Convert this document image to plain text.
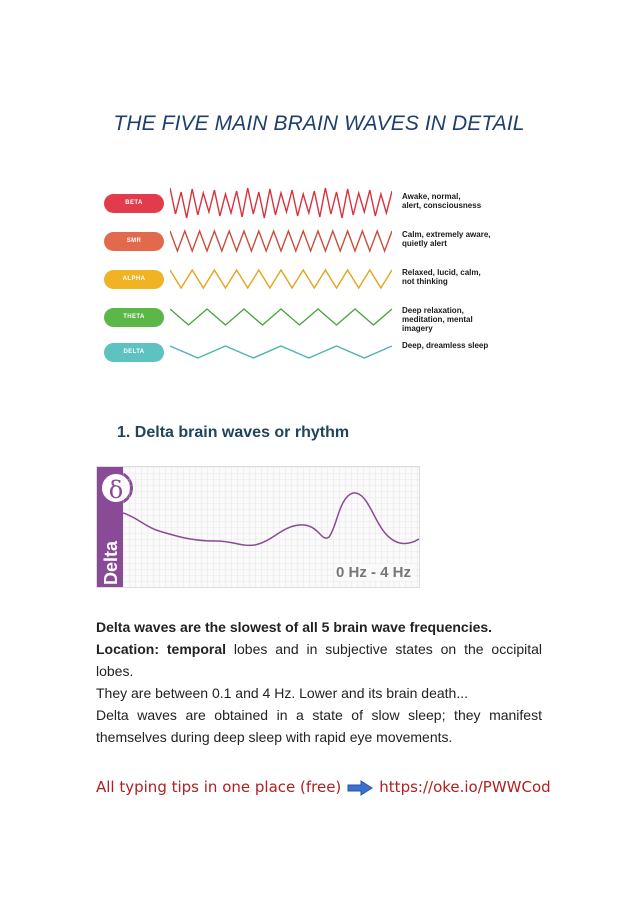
THE FIVE MAIN BRAIN WAVES IN DETAIL
BETA
Awake, normal,
alert, consciousness
SMR
Calm, extremely aware,
quietly alert
ALPHA
Relaxed, lucid, calm,
not thinking
THETA
Deep relaxation,
meditation, mental
imagery
DELTA
Deep, dreamless sleep
1. Delta brain waves or rhythm
Delta
δ
0 Hz - 4 Hz

Delta waves are the slowest of all 5 brain wave frequencies.

Location: temporal lobes and in subjective states on the occipital lobes.

They are between 0.1 and 4 Hz. Lower and its brain death...

Delta waves are obtained in a state of slow sleep; they manifest themselves during deep sleep with rapid eye movements.

All typing tips in one place (free)	https://oke.io/PWWCod
